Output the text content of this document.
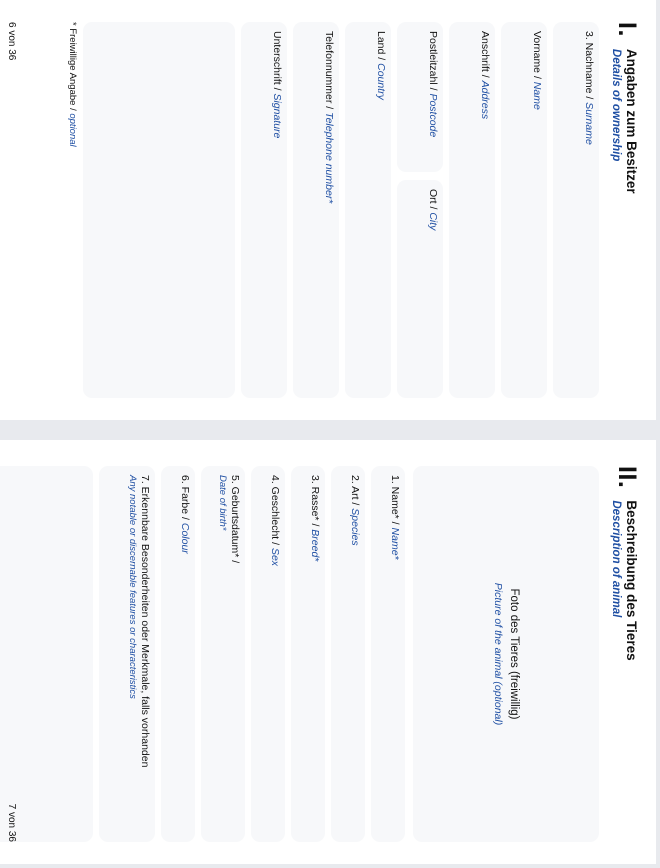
I.
Angaben zum Besitzer
Details of ownership
3. Nachname / Surname
Vorname / Name
Anschrift / Address
Postleitzahl / Postcode
Ort / City
Land / Country
Telefonnummer / Telephone number*
Unterschrift / Signature
* Freiwillige Angabe / optional
6 von 36
II.
Beschreibung des Tieres
Description of animal
Foto des Tieres (freiwillig)
Picture of the animal (optional)
1. Name* / Name*
2. Art / Species
3. Rasse* / Breed*
4. Geschlecht / Sex
5. Geburtsdatum* /
Date of birth*
6. Farbe / Colour
7. Erkennbare Besonderheiten oder Merkmale, falls vorhanden
Any notable or discernable features or characteristics
7 von 36
